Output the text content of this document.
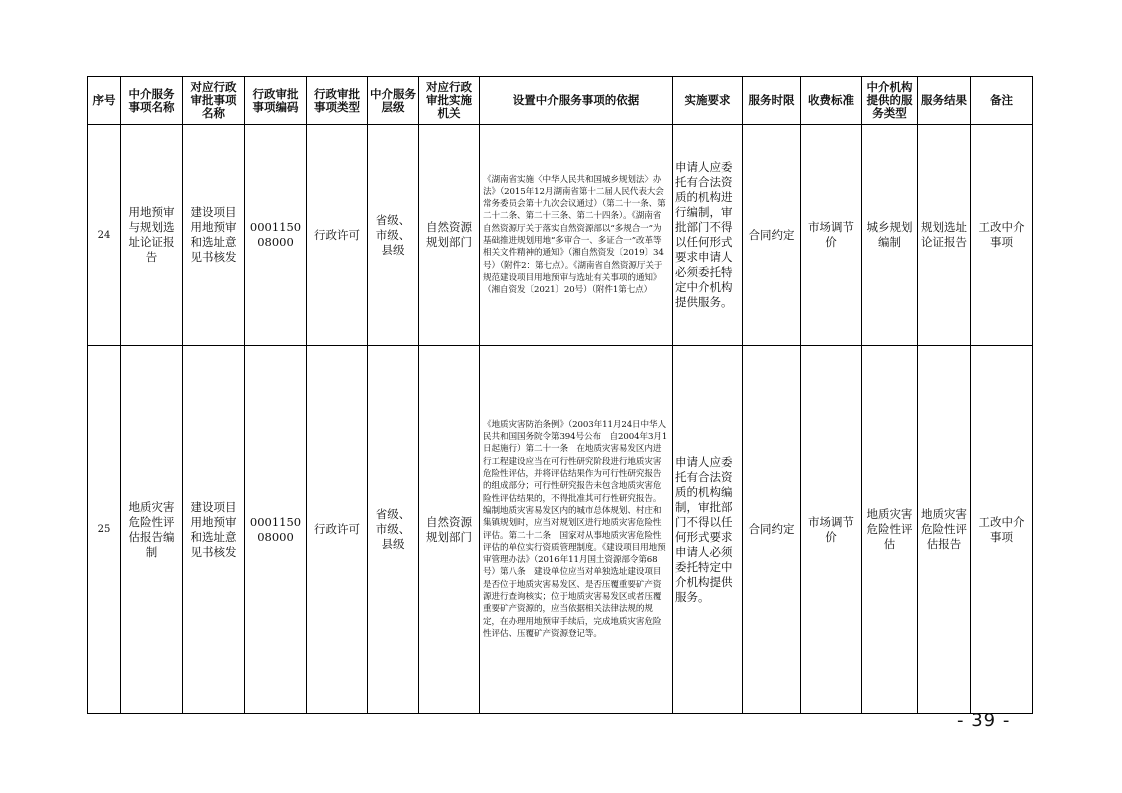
序号	中介服务事项名称	对应行政审批事项名称	行政审批事项编码	行政审批事项类型	中介服务层级	对应行政审批实施机关	设置中介服务事项的依据	实施要求	服务时限	收费标准	中介机构提供的服务类型	服务结果	备注
24	用地预审与规划选址论证报告	建设项目用地预审和选址意见书核发	000115008000	行政许可	省级、市级、县级	自然资源规划部门	《湖南省实施〈中华人民共和国城乡规划法〉办法》（2015年12月湖南省第十二届人民代表大会常务委员会第十九次会议通过）（第二十一条、第二十二条、第二十三条、第二十四条）。《湖南省自然资源厅关于落实自然资源部以“多规合一”为基础推进规划用地“多审合一、多证合一”改革等相关文件精神的通知》（湘自然资发〔2019〕34号）（附件2：第七点）。《湖南省自然资源厅关于规范建设项目用地预审与选址有关事项的通知》（湘自资发〔2021〕20号）（附件1第七点）	申请人应委托有合法资质的机构进行编制，审批部门不得以任何形式要求申请人必须委托特定中介机构提供服务。	合同约定	市场调节价	城乡规划编制	规划选址论证报告	工改中介事项
25	地质灾害危险性评估报告编制	建设项目用地预审和选址意见书核发	000115008000	行政许可	省级、市级、县级	自然资源规划部门	《地质灾害防治条例》（2003年11月24日中华人民共和国国务院令第394号公布　自2004年3月1日起施行）第二十一条　在地质灾害易发区内进行工程建设应当在可行性研究阶段进行地质灾害危险性评估，并将评估结果作为可行性研究报告的组成部分；可行性研究报告未包含地质灾害危险性评估结果的，不得批准其可行性研究报告。编制地质灾害易发区内的城市总体规划、村庄和集镇规划时，应当对规划区进行地质灾害危险性评估。第二十二条　国家对从事地质灾害危险性评估的单位实行资质管理制度。《建设项目用地预审管理办法》（2016年11月国土资源部令第68号）第八条　建设单位应当对单独选址建设项目是否位于地质灾害易发区、是否压覆重要矿产资源进行查询核实；位于地质灾害易发区或者压覆重要矿产资源的，应当依据相关法律法规的规定，在办理用地预审手续后，完成地质灾害危险性评估、压覆矿产资源登记等。	申请人应委托有合法资质的机构编制，审批部门不得以任何形式要求申请人必须委托特定中介机构提供服务。	合同约定	市场调节价	地质灾害危险性评估	地质灾害危险性评估报告	工改中介事项
- 39 -
